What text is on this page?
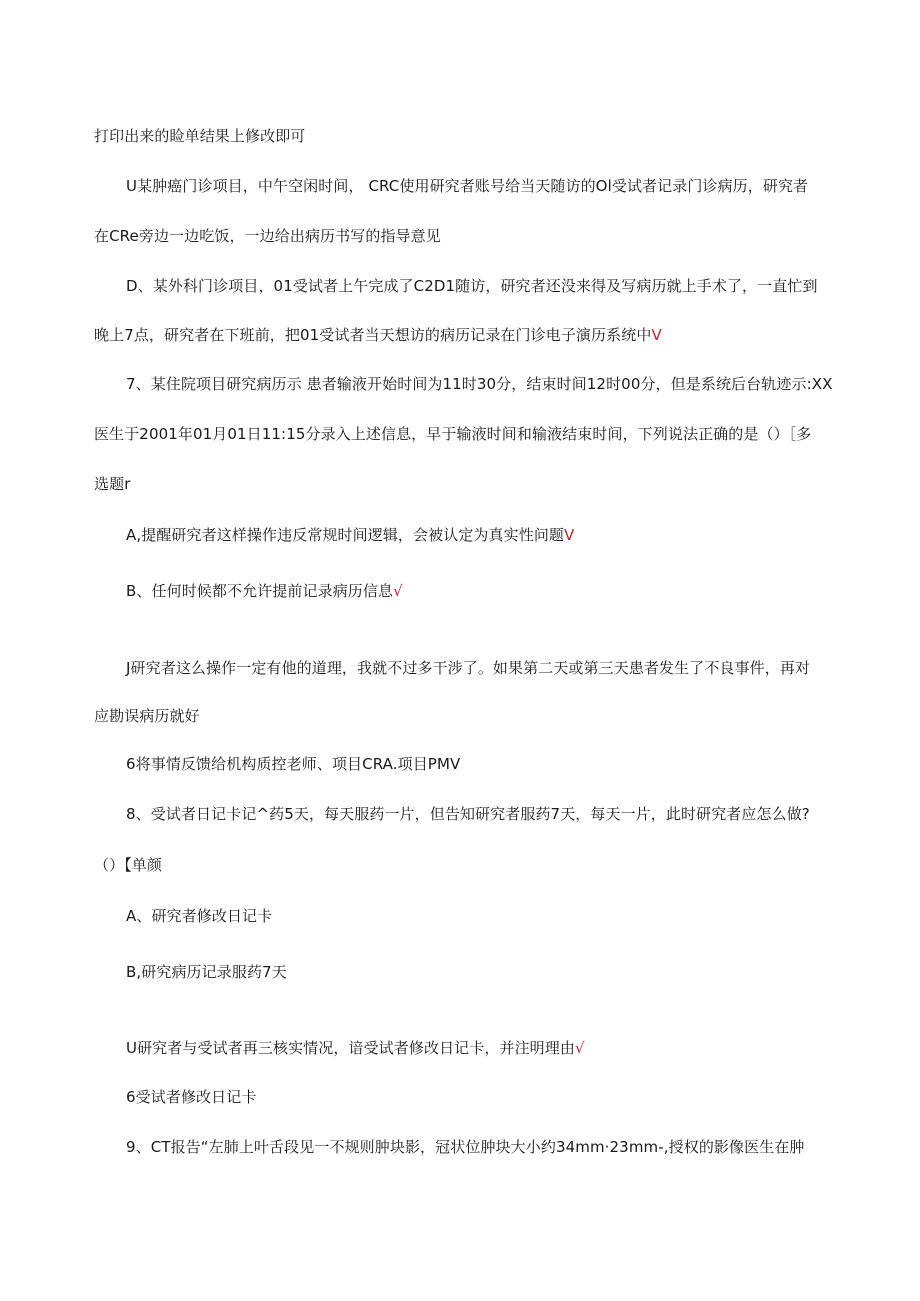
打印出来的睑单结果上修改即可
U某肿癌门诊项目，中午空闲时间， CRC使用研究者账号给当天随访的Ol受试者记录门诊病历，研究者
在CRe旁边一边吃饭，一边给出病历书写的指导意见
D、某外科门诊项目，01受试者上午完成了C2D1随访，研究者还没来得及写病历就上手术了，一直忙到
晚上7点，研究者在下班前，把01受试者当天想访的病历记录在门诊电子演历系统中V
7、某住院项目研究病历示 患者输液开始时间为11时30分，结束时间12时00分，但是系统后台轨迹示:XX
医生于2001年01月01日11:15分录入上述信息，早于输液时间和输液结束时间，下列说法正确的是（）［多
选题r
A,提醒研究者这样操作违反常规时间逻辑，会被认定为真实性问题V
B、任何时候都不允许提前记录病历信息√
J研究者这么操作一定有他的道理，我就不过多干涉了。如果第二天或第三天患者发生了不良事件，再对
应勘误病历就好
6将事情反馈给机构质控老师、项目CRA.项目PMV
8、受试者日记卡记^药5天，每天服药一片，但告知研究者服药7天，每天一片，此时研究者应怎么做?
（）【单颜
A、研究者修改日记卡
B,研究病历记录服药7天
U研究者与受试者再三核实情况，谙受试者修改日记卡，并注明理由√
6受试者修改日记卡
9、CT报告“左肺上叶舌段见一不规则肿块影，冠状位肿块大小约34mm·23mm-,授权的影像医生在肿
